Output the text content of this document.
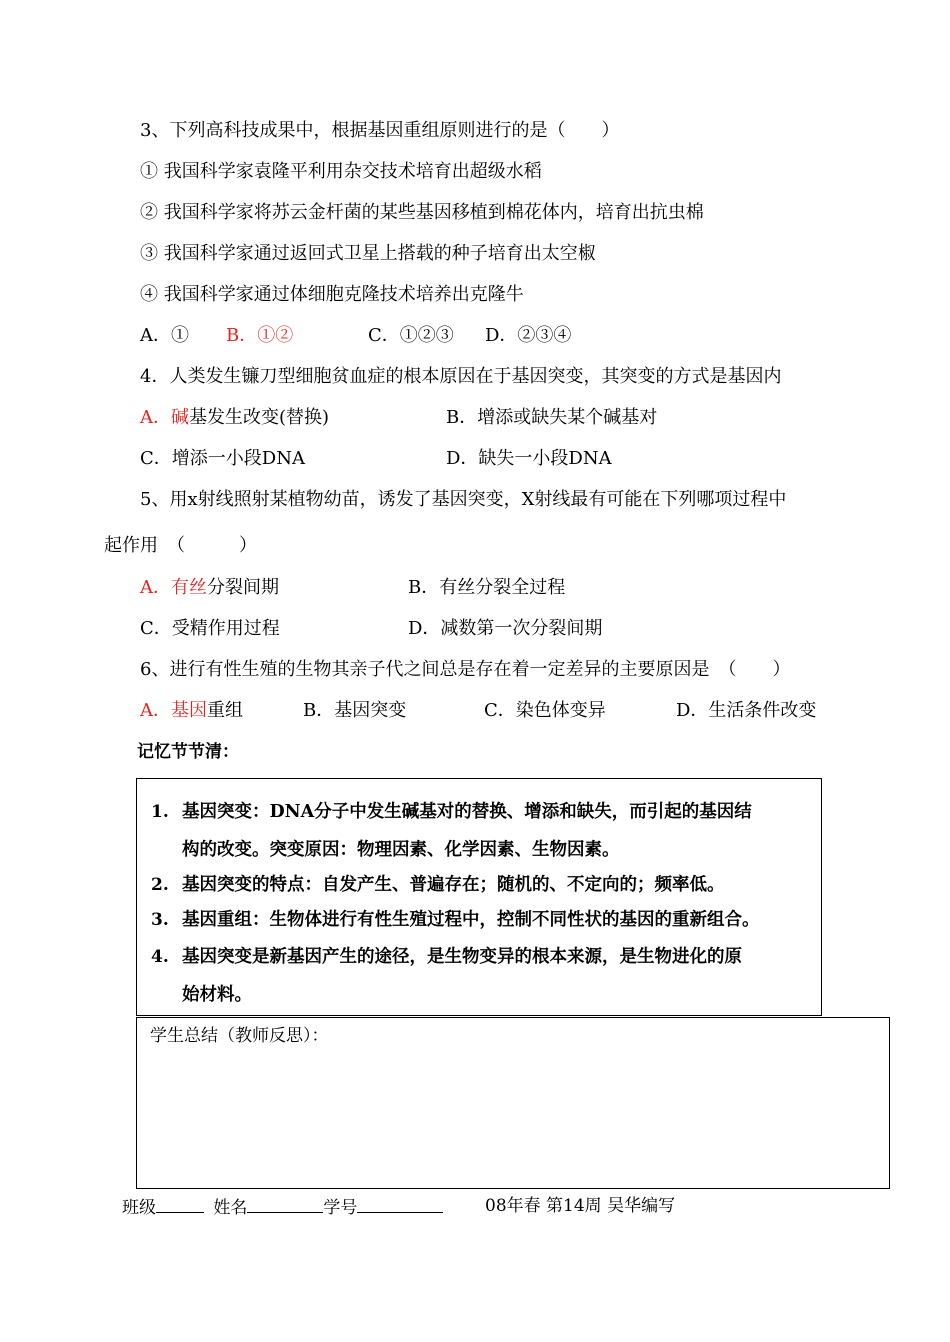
3、下列高科技成果中，根据基因重组原则进行的是（　　）
① 我国科学家袁隆平利用杂交技术培育出超级水稻
② 我国科学家将苏云金杆菌的某些基因移植到棉花体内，培育出抗虫棉
③ 我国科学家通过返回式卫星上搭载的种子培育出太空椒
④ 我国科学家通过体细胞克隆技术培养出克隆牛
A．① B．①②	C．①②③ D．②③④
4．人类发生镰刀型细胞贫血症的根本原因在于基因突变，其突变的方式是基因内
A．碱基发生改变(替换)	B．增添或缺失某个碱基对
C．增添一小段DNA	D．缺失一小段DNA
5、用x射线照射某植物幼苗，诱发了基因突变，X射线最有可能在下列哪项过程中
起作用　（　　　）
A．有丝分裂间期	B．有丝分裂全过程
C．受精作用过程	D．减数第一次分裂间期
6、进行有性生殖的生物其亲子代之间总是存在着一定差异的主要原因是　（　　）
A．基因重组	B．基因突变	C．染色体变异	D．生活条件改变
记忆节节清：
1. 基因突变：DNA分子中发生碱基对的替换、增添和缺失，而引起的基因结
构的改变。突变原因：物理因素、化学因素、生物因素。
2. 基因突变的特点：自发产生、普遍存在；随机的、不定向的；频率低。
3. 基因重组：生物体进行有性生殖过程中，控制不同性状的基因的重新组合。
4. 基因突变是新基因产生的途径，是生物变异的根本来源，是生物进化的原
始材料。
学生总结（教师反思）：
班级	姓名	学号	08年春 第14周 吴华编写
